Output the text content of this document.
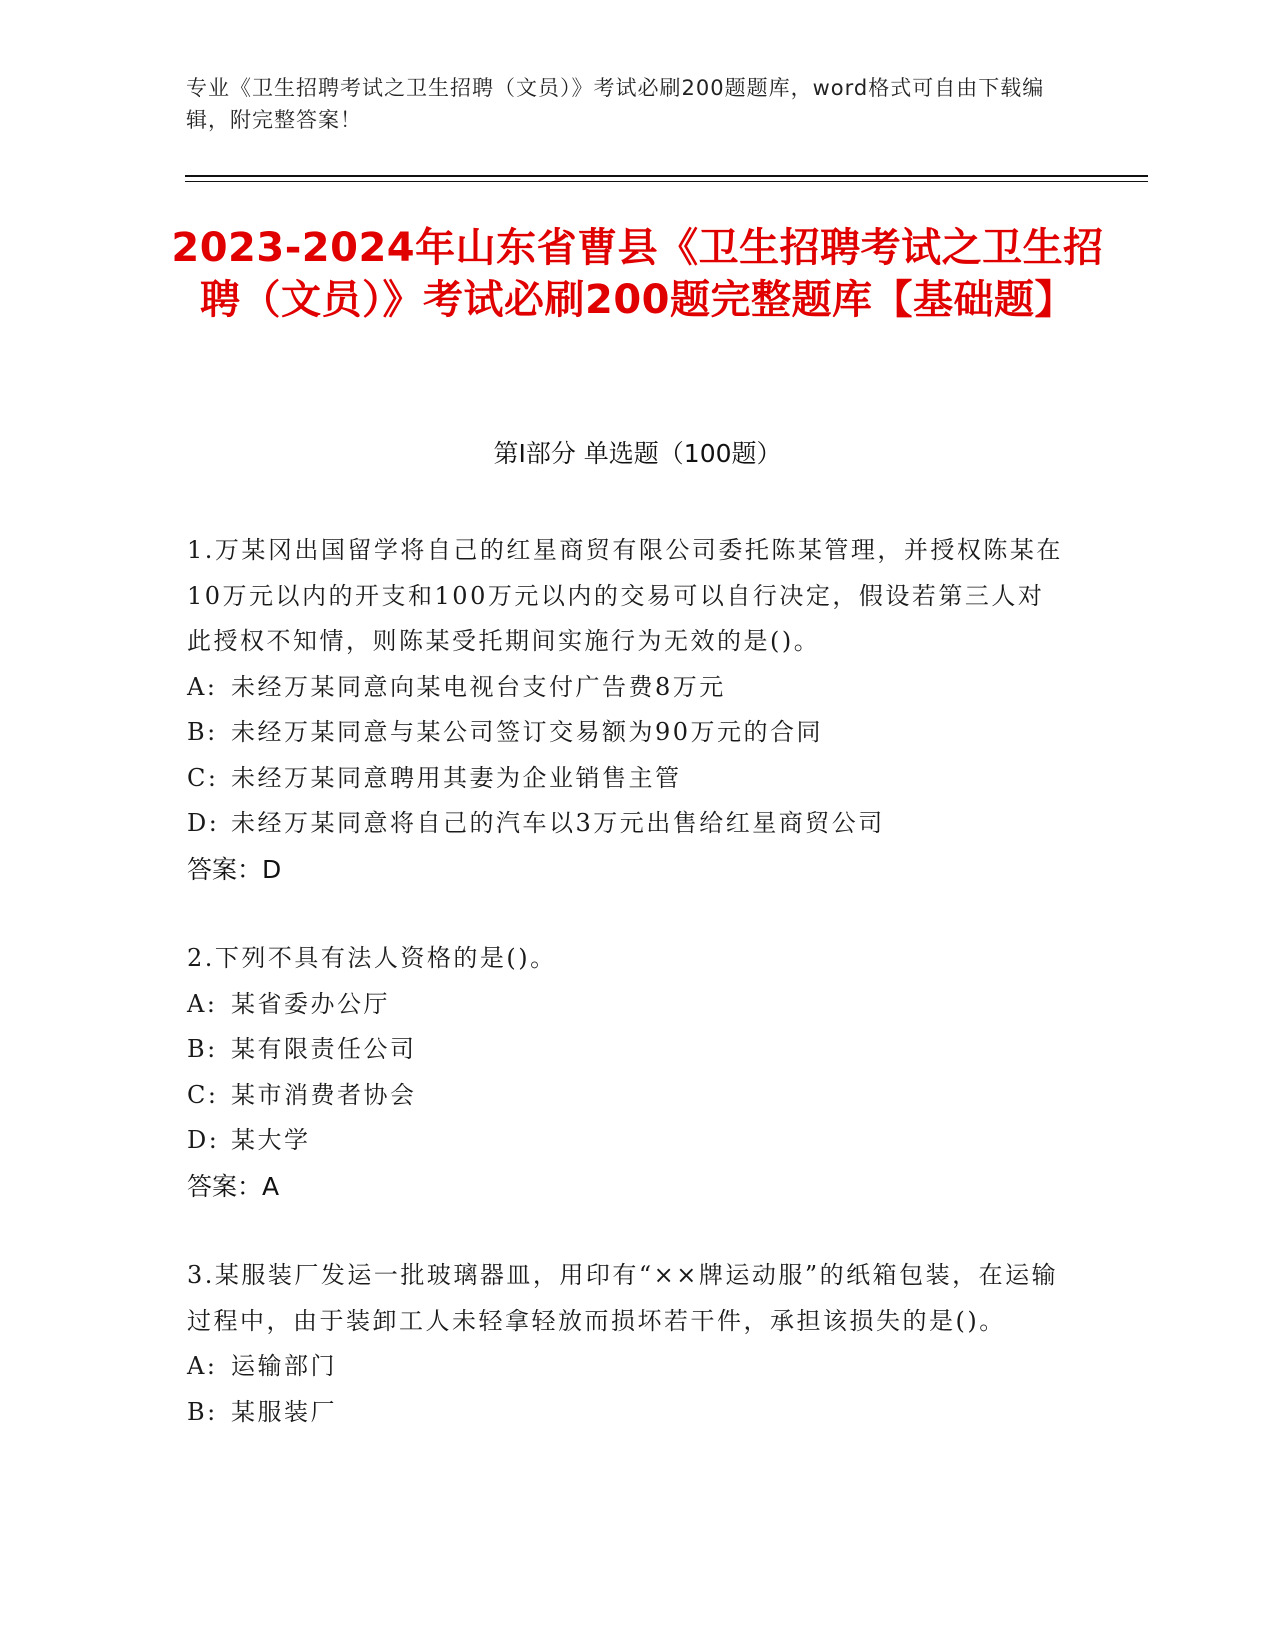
专业《卫生招聘考试之卫生招聘（文员）》考试必刷200题题库，word格式可自由下载编辑，附完整答案！
2023-2024年山东省曹县《卫生招聘考试之卫生招聘（文员）》考试必刷200题完整题库【基础题】
第Ⅰ部分 单选题（100题）
1.万某冈出国留学将自己的红星商贸有限公司委托陈某管理，并授权陈某在10万元以内的开支和100万元以内的交易可以自行决定，假设若第三人对此授权不知情，则陈某受托期间实施行为无效的是()。
A: 未经万某同意向某电视台支付广告费8万元
B: 未经万某同意与某公司签订交易额为90万元的合同
C: 未经万某同意聘用其妻为企业销售主管
D: 未经万某同意将自己的汽车以3万元出售给红星商贸公司
答案：D
2.下列不具有法人资格的是()。
A: 某省委办公厅
B: 某有限责任公司
C: 某市消费者协会
D: 某大学
答案：A
3.某服装厂发运一批玻璃器皿，用印有“××牌运动服”的纸箱包装，在运输过程中，由于装卸工人未轻拿轻放而损坏若干件，承担该损失的是()。
A: 运输部门
B: 某服装厂
